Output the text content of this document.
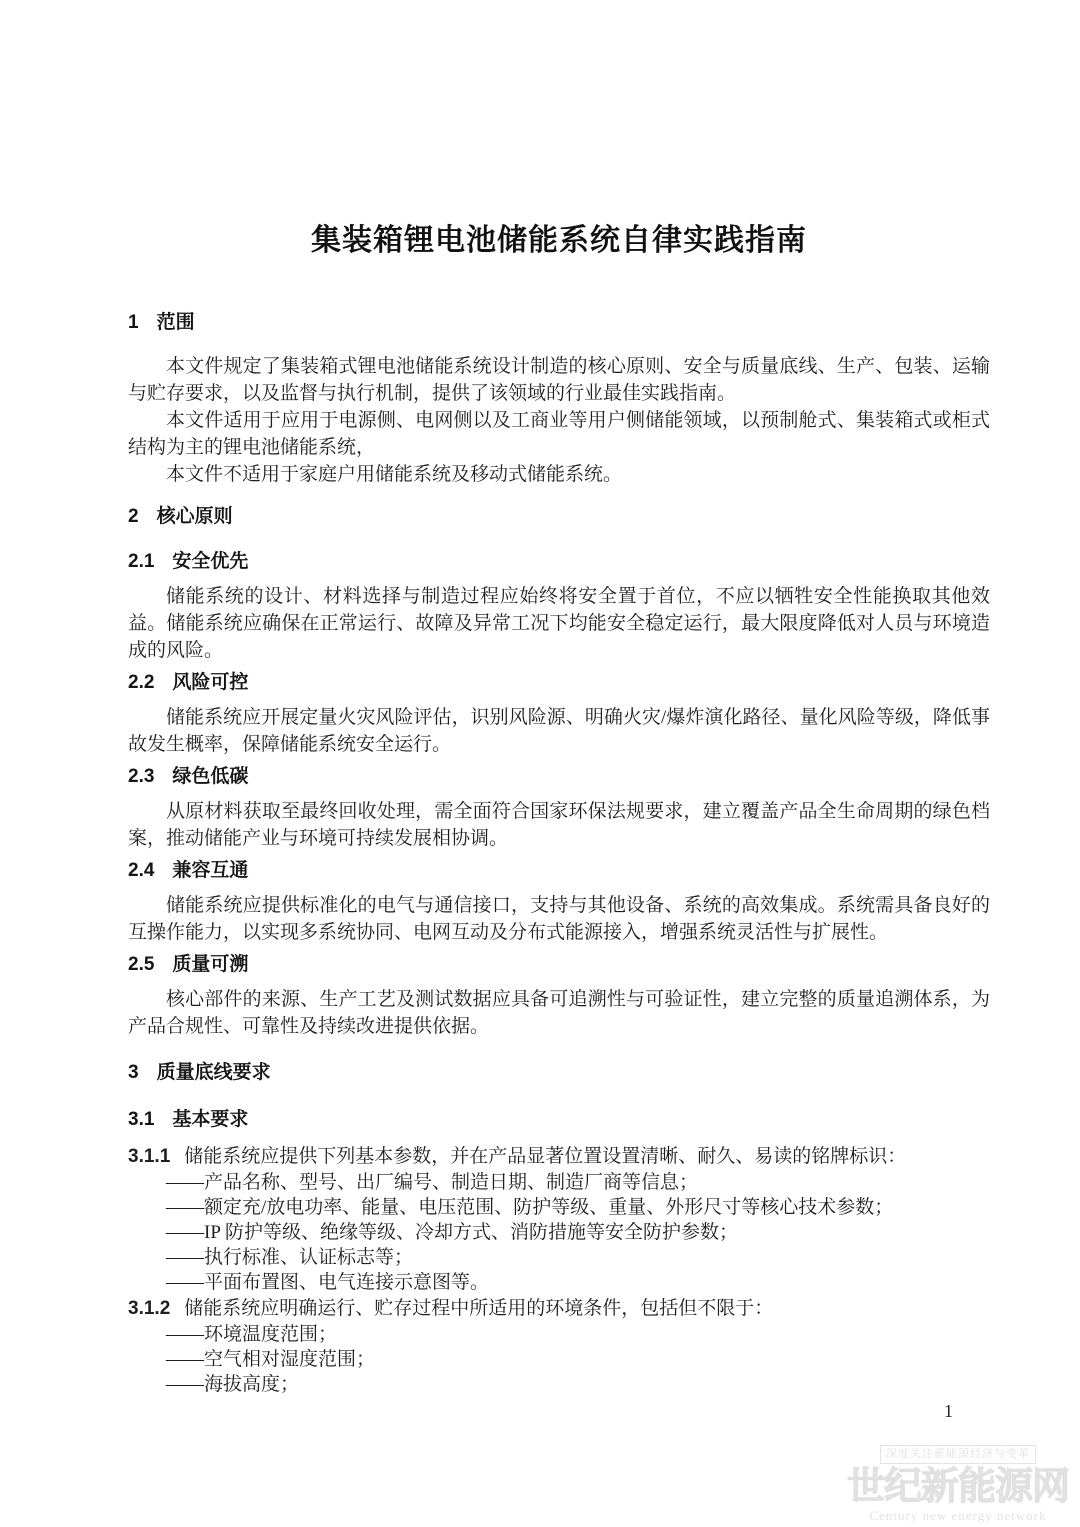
集装箱锂电池储能系统自律实践指南
1 范围

本文件规定了集装箱式锂电池储能系统设计制造的核心原则、安全与质量底线、生产、包装、运输与贮存要求，以及监督与执行机制，提供了该领域的行业最佳实践指南。

本文件适用于应用于电源侧、电网侧以及工商业等用户侧储能领域，以预制舱式、集装箱式或柜式结构为主的锂电池储能系统，

本文件不适用于家庭户用储能系统及移动式储能系统。

2 核心原则
2.1 安全优先

储能系统的设计、材料选择与制造过程应始终将安全置于首位，不应以牺牲安全性能换取其他效益。储能系统应确保在正常运行、故障及异常工况下均能安全稳定运行，最大限度降低对人员与环境造成的风险。

2.2 风险可控

储能系统应开展定量火灾风险评估，识别风险源、明确火灾/爆炸演化路径、量化风险等级，降低事故发生概率，保障储能系统安全运行。

2.3 绿色低碳

从原材料获取至最终回收处理，需全面符合国家环保法规要求，建立覆盖产品全生命周期的绿色档案，推动储能产业与环境可持续发展相协调。

2.4 兼容互通

储能系统应提供标准化的电气与通信接口，支持与其他设备、系统的高效集成。系统需具备良好的互操作能力，以实现多系统协同、电网互动及分布式能源接入，增强系统灵活性与扩展性。

2.5 质量可溯

核心部件的来源、生产工艺及测试数据应具备可追溯性与可验证性，建立完整的质量追溯体系，为产品合规性、可靠性及持续改进提供依据。

3 质量底线要求
3.1 基本要求

3.1.1 储能系统应提供下列基本参数，并在产品显著位置设置清晰、耐久、易读的铭牌标识：

——产品名称、型号、出厂编号、制造日期、制造厂商等信息；
——额定充/放电功率、能量、电压范围、防护等级、重量、外形尺寸等核心技术参数；
——IP 防护等级、绝缘等级、冷却方式、消防措施等安全防护参数；
——执行标准、认证标志等；
——平面布置图、电气连接示意图等。

3.1.2 储能系统应明确运行、贮存过程中所适用的环境条件，包括但不限于：

——环境温度范围；
——空气相对湿度范围；
——海拔高度；
1
深度关注新能源经济与变革
世纪新能源网
Century new energy network
